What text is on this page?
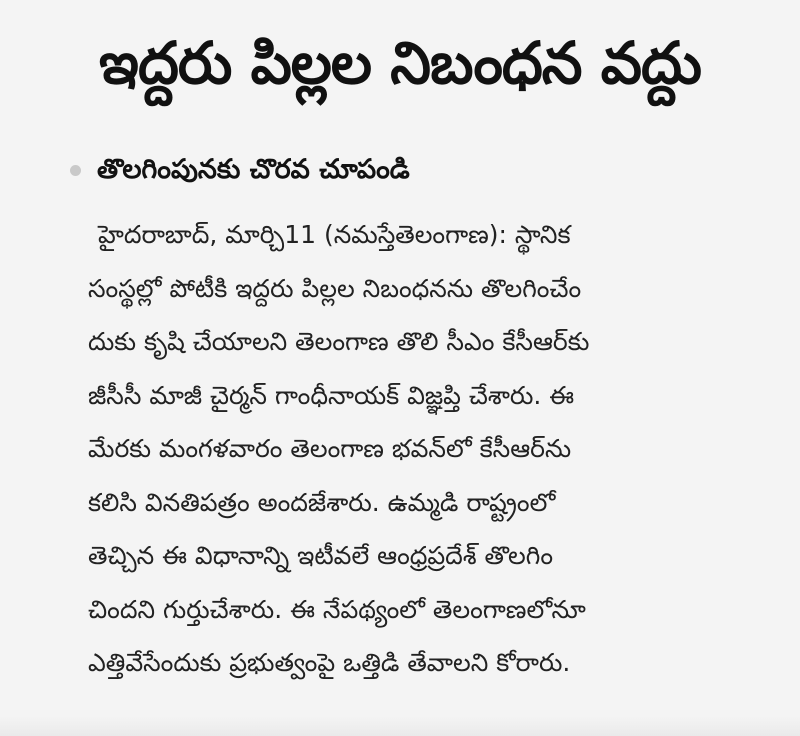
ఇద్దరు పిల్లల నిబంధన వద్దు
తొలగింపునకు చొరవ చూపండి
హైదరాబాద్, మార్చి11 (నమస్తేతెలంగాణ): స్థానిక
సంస్థల్లో పోటీకి ఇద్దరు పిల్లల నిబంధనను తొలగించేం
దుకు కృషి చేయాలని తెలంగాణ తొలి సీఎం కేసీఆర్‌కు
జీసీసీ మాజీ చైర్మన్ గాంధీనాయక్ విజ్ఞప్తి చేశారు. ఈ
మేరకు మంగళవారం తెలంగాణ భవన్‌లో కేసీఆర్‌ను
కలిసి వినతిపత్రం అందజేశారు. ఉమ్మడి రాష్ట్రంలో
తెచ్చిన ఈ విధానాన్ని ఇటీవలే ఆంధ్రప్రదేశ్ తొలగిం
చిందని గుర్తుచేశారు. ఈ నేపథ్యంలో తెలంగాణలోనూ
ఎత్తివేసేందుకు ప్రభుత్వంపై ఒత్తిడి తేవాలని కోరారు.
